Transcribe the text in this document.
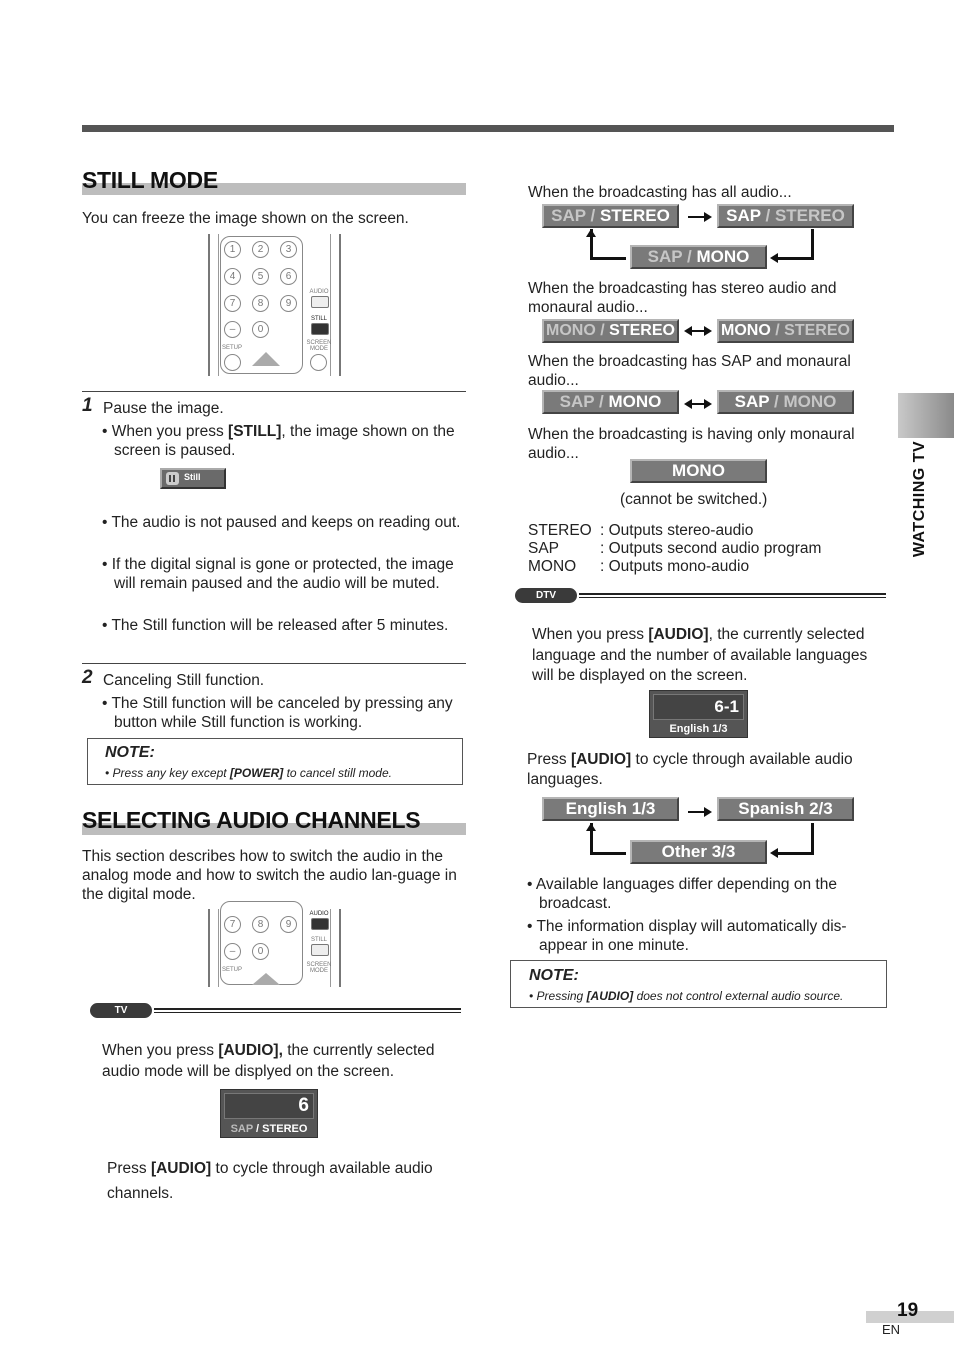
WATCHING TV
STILL MODE
You can freeze the image shown on the screen.
1	2	3
4	5	6
7	8	9
–	0
AUDIO
STILL
SETUP
SCREEN MODE
1 Pause the image.
• When you press [STILL], the image shown on the screen is paused.
Still
• The audio is not paused and keeps on reading out.
• If the digital signal is gone or protected, the image will remain paused and the audio will be muted.
• The Still function will be released after 5 minutes.
2 Canceling Still function.
• The Still function will be canceled by pressing any button while Still function is working.
NOTE:
• Press any key except [POWER] to cancel still mode.
SELECTING AUDIO CHANNELS
This section describes how to switch the audio in the analog mode and how to switch the audio lan-guage in the digital mode.
7	8	9
–	0
AUDIO
STILL
SETUP
SCREEN MODE
TV
When you press [AUDIO], the currently selected audio mode will be displyed on the screen.
6
SAP / STEREO
Press [AUDIO] to cycle through available audio channels.
When the broadcasting has all audio...
SAP / STEREO	SAP / STEREO
SAP / MONO
When the broadcasting has stereo audio and monaural audio...
MONO / STEREO	MONO / STEREO
When the broadcasting has SAP and monaural audio...
SAP / MONO	SAP / MONO
When the broadcasting is having only monaural audio...
MONO
(cannot be switched.)
STEREO : Outputs stereo-audio
SAP	: Outputs second audio program
MONO : Outputs mono-audio
DTV
When you press [AUDIO], the currently selected language and the number of available languages will be displayed on the screen.
6-1
English 1/3
Press [AUDIO] to cycle through available audio languages.
English 1/3	Spanish 2/3
Other 3/3
• Available languages differ depending on the broadcast.
• The information display will automatically dis-appear in one minute.
NOTE:
• Pressing [AUDIO] does not control external audio source.
19
EN
